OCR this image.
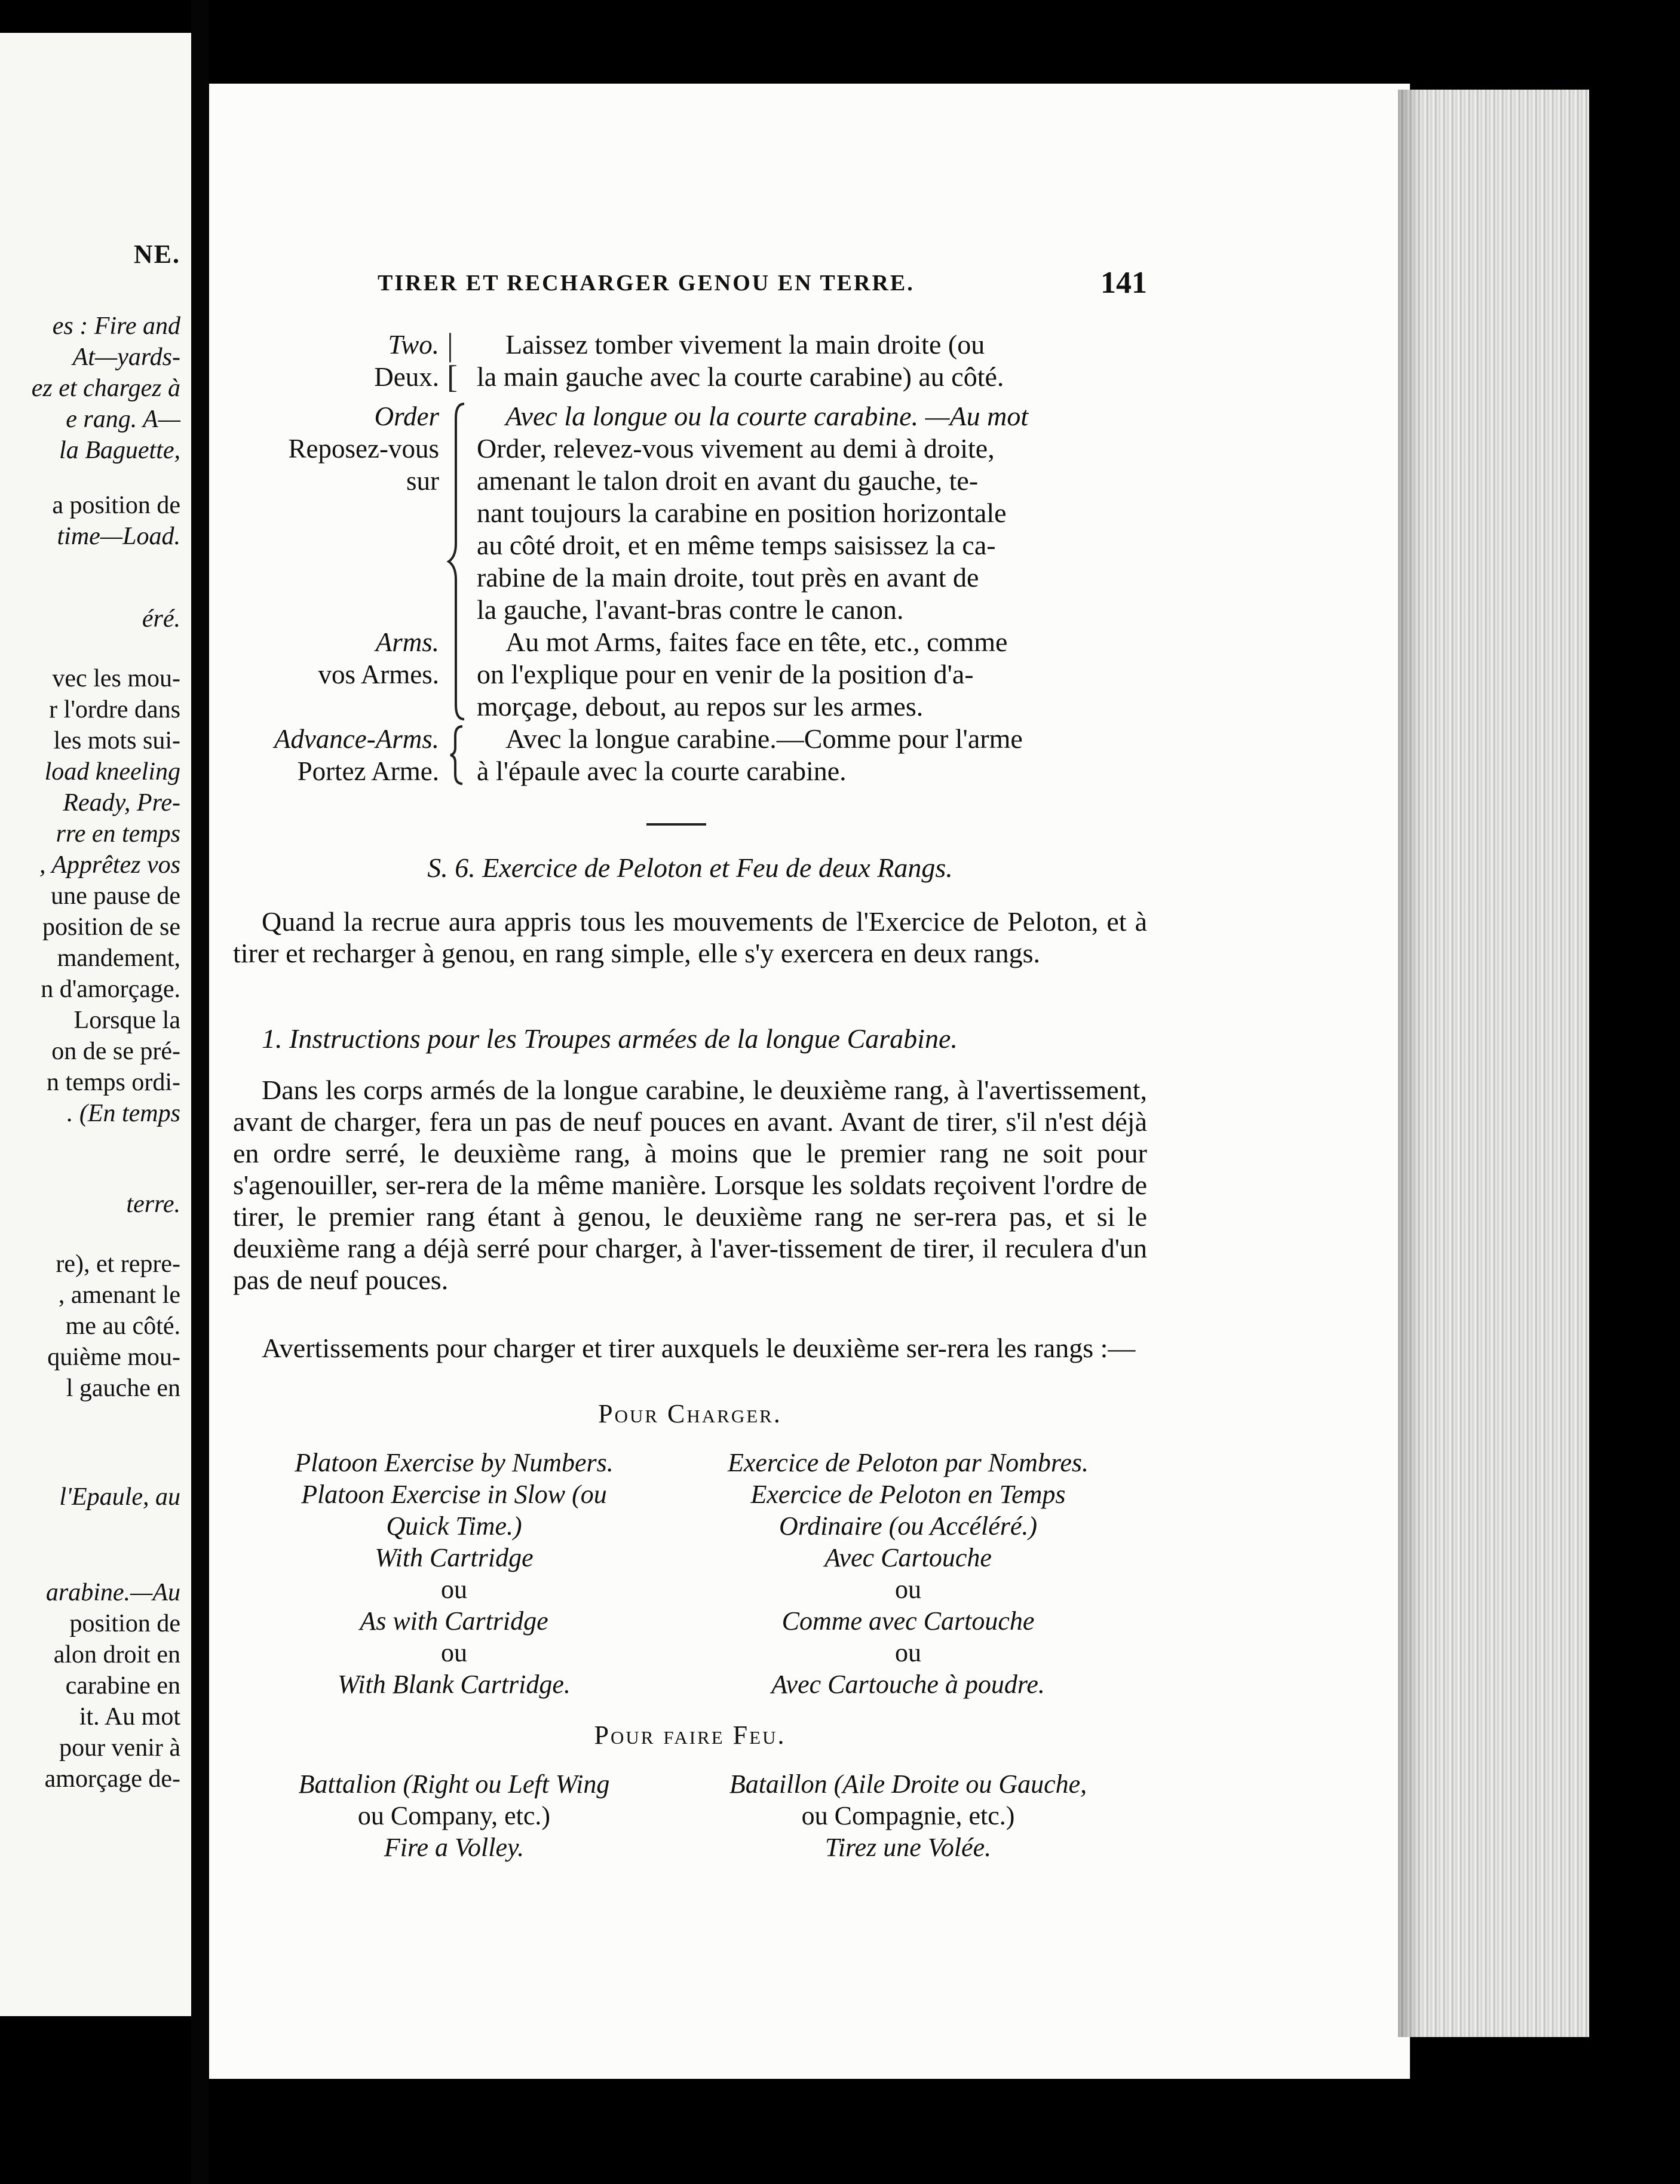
NE.
es : Fire and
At—yards-
ez et chargez à
e rang. A—
la Baguette,
a position de
time—Load.
éré.
vec les mou-
r l'ordre dans
les mots sui-
load kneeling
Ready, Pre-
rre en temps
, Apprêtez vos
une pause de
position de se
mandement,
n d'amorçage.
Lorsque la
on de se pré-
n temps ordi-
. (En temps
terre.
re), et repre-
, amenant le
me au côté.
quième mou-
l gauche en
l'Epaule, au
arabine.—Au
position de
alon droit en
carabine en
it. Au mot
pour venir à
amorçage de-
TIRER ET RECHARGER GENOU EN TERRE.	141
Two.
Deux.
|
[
Laissez tomber vivement la main droite (ou
la main gauche avec la courte carabine) au côté.
Order
Reposez-vous
sur
Avec la longue ou la courte carabine. —Au mot
Order, relevez-vous vivement au demi à droite,
amenant le talon droit en avant du gauche, te-
nant toujours la carabine en position horizontale
au côté droit, et en même temps saisissez la ca-
rabine de la main droite, tout près en avant de
la gauche, l'avant-bras contre le canon.
Arms.
vos Armes.
Au mot Arms, faites face en tête, etc., comme
on l'explique pour en venir de la position d'a-
morçage, debout, au repos sur les armes.
Advance-Arms.
Portez Arme.
Avec la longue carabine.—Comme pour l'arme
à l'épaule avec la courte carabine.
S. 6. Exercice de Peloton et Feu de deux Rangs.
Quand la recrue aura appris tous les mouvements de l'Exercice de Peloton, et à tirer et recharger à genou, en rang simple, elle s'y exercera en deux rangs.
1. Instructions pour les Troupes armées de la longue Carabine.
Dans les corps armés de la longue carabine, le deuxième rang, à l'avertissement, avant de charger, fera un pas de neuf pouces en avant. Avant de tirer, s'il n'est déjà en ordre serré, le deuxième rang, à moins que le premier rang ne soit pour s'agenouiller, ser-rera de la même manière. Lorsque les soldats reçoivent l'ordre de tirer, le premier rang étant à genou, le deuxième rang ne ser-rera pas, et si le deuxième rang a déjà serré pour charger, à l'aver-tissement de tirer, il reculera d'un pas de neuf pouces.
Avertissements pour charger et tirer auxquels le deuxième ser-rera les rangs :—
Pour Charger.
Platoon Exercise by Numbers.
Platoon Exercise in Slow (ou
Quick Time.)
With Cartridge
ou
As with Cartridge
ou
With Blank Cartridge.
Exercice de Peloton par Nombres.
Exercice de Peloton en Temps
Ordinaire (ou Accéléré.)
Avec Cartouche
ou
Comme avec Cartouche
ou
Avec Cartouche à poudre.
Pour faire Feu.
Battalion (Right ou Left Wing
ou Company, etc.)
Fire a Volley.
Bataillon (Aile Droite ou Gauche,
ou Compagnie, etc.)
Tirez une Volée.
